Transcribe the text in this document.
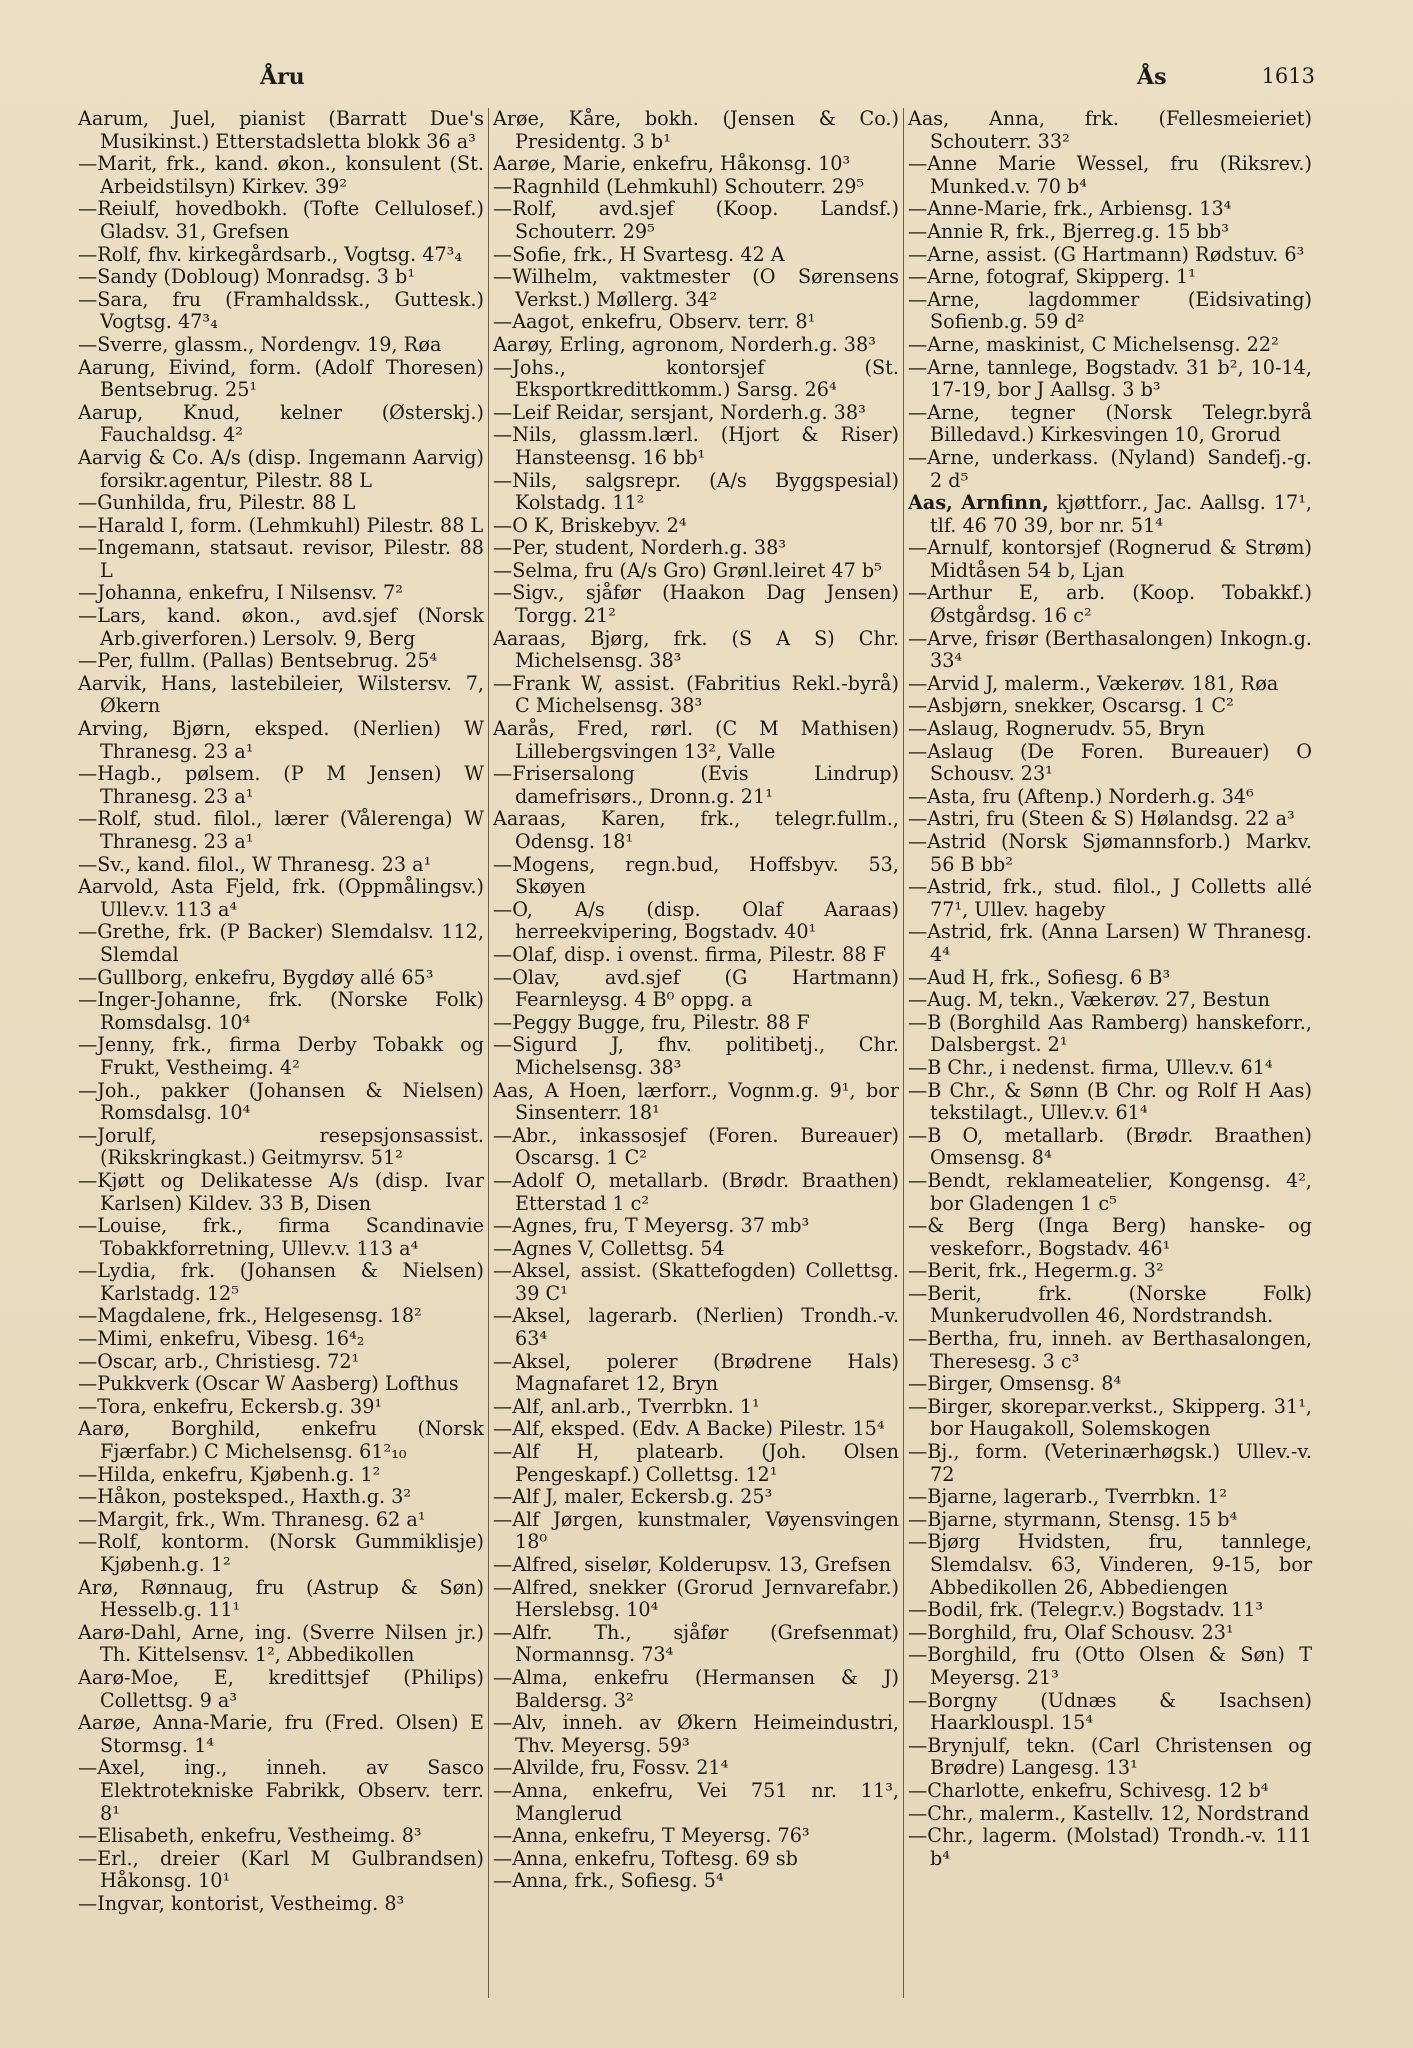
Åru	Ås	1613
Aarum, Juel, pianist (Barratt Due's Musikinst.) Etterstadsletta blokk 36 a³
—Marit, frk., kand. økon., konsulent (St. Arbeidstilsyn) Kirkev. 39²
—Reiulf, hovedbokh. (Tofte Cellulosef.) Gladsv. 31, Grefsen
—Rolf, fhv. kirkegårdsarb., Vogtsg. 47³₄
—Sandy (Dobloug) Monradsg. 3 b¹
—Sara, fru (Framhaldssk., Guttesk.) Vogtsg. 47³₄
—Sverre, glassm., Nordengv. 19, Røa
Aarung, Eivind, form. (Adolf Thoresen) Bentsebrug. 25¹
Aarup, Knud, kelner (Østerskj.) Fauchaldsg. 4²
Aarvig & Co. A/s (disp. Ingemann Aarvig) forsikr.agentur, Pilestr. 88 L
—Gunhilda, fru, Pilestr. 88 L
—Harald I, form. (Lehmkuhl) Pilestr. 88 L
—Ingemann, statsaut. revisor, Pilestr. 88 L
—Johanna, enkefru, I Nilsensv. 7²
—Lars, kand. økon., avd.sjef (Norsk Arb.giverforen.) Lersolv. 9, Berg
—Per, fullm. (Pallas) Bentsebrug. 25⁴
Aarvik, Hans, lastebileier, Wilstersv. 7, Økern
Arving, Bjørn, eksped. (Nerlien) W Thranesg. 23 a¹
—Hagb., pølsem. (P M Jensen) W Thranesg. 23 a¹
—Rolf, stud. filol., lærer (Vålerenga) W Thranesg. 23 a¹
—Sv., kand. filol., W Thranesg. 23 a¹
Aarvold, Asta Fjeld, frk. (Oppmålingsv.) Ullev.v. 113 a⁴
—Grethe, frk. (P Backer) Slemdalsv. 112, Slemdal
—Gullborg, enkefru, Bygdøy allé 65³
—Inger-Johanne, frk. (Norske Folk) Romsdalsg. 10⁴
—Jenny, frk., firma Derby Tobakk og Frukt, Vestheimg. 4²
—Joh., pakker (Johansen & Nielsen) Romsdalsg. 10⁴
—Jorulf, resepsjonsassist. (Rikskringkast.) Geitmyrsv. 51²
—Kjøtt og Delikatesse A/s (disp. Ivar Karlsen) Kildev. 33 B, Disen
—Louise, frk., firma Scandinavie Tobakkforretning, Ullev.v. 113 a⁴
—Lydia, frk. (Johansen & Nielsen) Karlstadg. 12⁵
—Magdalene, frk., Helgesensg. 18²
—Mimi, enkefru, Vibesg. 16⁴₂
—Oscar, arb., Christiesg. 72¹
—Pukkverk (Oscar W Aasberg) Lofthus
—Tora, enkefru, Eckersb.g. 39¹
Aarø, Borghild, enkefru (Norsk Fjærfabr.) C Michelsensg. 61²₁₀
—Hilda, enkefru, Kjøbenh.g. 1²
—Håkon, posteksped., Haxth.g. 3²
—Margit, frk., Wm. Thranesg. 62 a¹
—Rolf, kontorm. (Norsk Gummiklisje) Kjøbenh.g. 1²
Arø, Rønnaug, fru (Astrup & Søn) Hesselb.g. 11¹
Aarø-Dahl, Arne, ing. (Sverre Nilsen jr.) Th. Kittelsensv. 1², Abbedikollen
Aarø-Moe, E, kredittsjef (Philips) Collettsg. 9 a³
Aarøe, Anna-Marie, fru (Fred. Olsen) E Stormsg. 1⁴
—Axel, ing., inneh. av Sasco Elektrotekniske Fabrikk, Observ. terr. 8¹
—Elisabeth, enkefru, Vestheimg. 8³
—Erl., dreier (Karl M Gulbrandsen) Håkonsg. 10¹
—Ingvar, kontorist, Vestheimg. 8³
Arøe, Kåre, bokh. (Jensen & Co.) Presidentg. 3 b¹
Aarøe, Marie, enkefru, Håkonsg. 10³
—Ragnhild (Lehmkuhl) Schouterr. 29⁵
—Rolf, avd.sjef (Koop. Landsf.) Schouterr. 29⁵
—Sofie, frk., H Svartesg. 42 A
—Wilhelm, vaktmester (O Sørensens Verkst.) Møllerg. 34²
—Aagot, enkefru, Observ. terr. 8¹
Aarøy, Erling, agronom, Norderh.g. 38³
—Johs., kontorsjef (St. Eksportkredittkomm.) Sarsg. 26⁴
—Leif Reidar, sersjant, Norderh.g. 38³
—Nils, glassm.lærl. (Hjort & Riser) Hansteensg. 16 bb¹
—Nils, salgsrepr. (A/s Byggspesial) Kolstadg. 11²
—O K, Briskebyv. 2⁴
—Per, student, Norderh.g. 38³
—Selma, fru (A/s Gro) Grønl.leiret 47 b⁵
—Sigv., sjåfør (Haakon Dag Jensen) Torgg. 21²
Aaraas, Bjørg, frk. (S A S) Chr. Michelsensg. 38³
—Frank W, assist. (Fabritius Rekl.-byrå) C Michelsensg. 38³
Aarås, Fred, rørl. (C M Mathisen) Lillebergsvingen 13², Valle
—Frisersalong (Evis Lindrup) damefrisørs., Dronn.g. 21¹
Aaraas, Karen, frk., telegr.fullm., Odensg. 18¹
—Mogens, regn.bud, Hoffsbyv. 53, Skøyen
—O, A/s (disp. Olaf Aaraas) herreekvipering, Bogstadv. 40¹
—Olaf, disp. i ovenst. firma, Pilestr. 88 F
—Olav, avd.sjef (G Hartmann) Fearnleysg. 4 B⁰ oppg. a
—Peggy Bugge, fru, Pilestr. 88 F
—Sigurd J, fhv. politibetj., Chr. Michelsensg. 38³
Aas, A Hoen, lærforr., Vognm.g. 9¹, bor Sinsenterr. 18¹
—Abr., inkassosjef (Foren. Bureauer) Oscarsg. 1 C²
—Adolf O, metallarb. (Brødr. Braathen) Etterstad 1 c²
—Agnes, fru, T Meyersg. 37 mb³
—Agnes V, Collettsg. 54
—Aksel, assist. (Skattefogden) Collettsg. 39 C¹
—Aksel, lagerarb. (Nerlien) Trondh.-v. 63⁴
—Aksel, polerer (Brødrene Hals) Magnafaret 12, Bryn
—Alf, anl.arb., Tverrbkn. 1¹
—Alf, eksped. (Edv. A Backe) Pilestr. 15⁴
—Alf H, platearb. (Joh. Olsen Pengeskapf.) Collettsg. 12¹
—Alf J, maler, Eckersb.g. 25³
—Alf Jørgen, kunstmaler, Vøyensvingen 18⁰
—Alfred, siselør, Kolderupsv. 13, Grefsen
—Alfred, snekker (Grorud Jernvarefabr.) Herslebsg. 10⁴
—Alfr. Th., sjåfør (Grefsenmat) Normannsg. 73⁴
—Alma, enkefru (Hermansen & J) Baldersg. 3²
—Alv, inneh. av Økern Heimeindustri, Thv. Meyersg. 59³
—Alvilde, fru, Fossv. 21⁴
—Anna, enkefru, Vei 751 nr. 11³, Manglerud
—Anna, enkefru, T Meyersg. 76³
—Anna, enkefru, Toftesg. 69 sb
—Anna, frk., Sofiesg. 5⁴
Aas, Anna, frk. (Fellesmeieriet) Schouterr. 33²
—Anne Marie Wessel, fru (Riksrev.) Munked.v. 70 b⁴
—Anne-Marie, frk., Arbiensg. 13⁴
—Annie R, frk., Bjerreg.g. 15 bb³
—Arne, assist. (G Hartmann) Rødstuv. 6³
—Arne, fotograf, Skipperg. 1¹
—Arne, lagdommer (Eidsivating) Sofienb.g. 59 d²
—Arne, maskinist, C Michelsensg. 22²
—Arne, tannlege, Bogstadv. 31 b², 10-14, 17-19, bor J Aallsg. 3 b³
—Arne, tegner (Norsk Telegr.byrå Billedavd.) Kirkesvingen 10, Grorud
—Arne, underkass. (Nyland) Sandefj.-g. 2 d⁵
Aas, Arnfinn, kjøttforr., Jac. Aallsg. 17¹, tlf. 46 70 39, bor nr. 51⁴
—Arnulf, kontorsjef (Rognerud & Strøm) Midtåsen 54 b, Ljan
—Arthur E, arb. (Koop. Tobakkf.) Østgårdsg. 16 c²
—Arve, frisør (Berthasalongen) Inkogn.g. 33⁴
—Arvid J, malerm., Vækerøv. 181, Røa
—Asbjørn, snekker, Oscarsg. 1 C²
—Aslaug, Rognerudv. 55, Bryn
—Aslaug (De Foren. Bureauer) O Schousv. 23¹
—Asta, fru (Aftenp.) Norderh.g. 34⁶
—Astri, fru (Steen & S) Hølandsg. 22 a³
—Astrid (Norsk Sjømannsforb.) Markv. 56 B bb²
—Astrid, frk., stud. filol., J Colletts allé 77¹, Ullev. hageby
—Astrid, frk. (Anna Larsen) W Thranesg. 4⁴
—Aud H, frk., Sofiesg. 6 B³
—Aug. M, tekn., Vækerøv. 27, Bestun
—B (Borghild Aas Ramberg) hanskeforr., Dalsbergst. 2¹
—B Chr., i nedenst. firma, Ullev.v. 61⁴
—B Chr., & Sønn (B Chr. og Rolf H Aas) tekstilagt., Ullev.v. 61⁴
—B O, metallarb. (Brødr. Braathen) Omsensg. 8⁴
—Bendt, reklameatelier, Kongensg. 4², bor Gladengen 1 c⁵
—& Berg (Inga Berg) hanske- og veskeforr., Bogstadv. 46¹
—Berit, frk., Hegerm.g. 3²
—Berit, frk. (Norske Folk) Munkerudvollen 46, Nordstrandsh.
—Bertha, fru, inneh. av Berthasalongen, Theresesg. 3 c³
—Birger, Omsensg. 8⁴
—Birger, skorepar.verkst., Skipperg. 31¹, bor Haugakoll, Solemskogen
—Bj., form. (Veterinærhøgsk.) Ullev.-v. 72
—Bjarne, lagerarb., Tverrbkn. 1²
—Bjarne, styrmann, Stensg. 15 b⁴
—Bjørg Hvidsten, fru, tannlege, Slemdalsv. 63, Vinderen, 9-15, bor Abbedikollen 26, Abbediengen
—Bodil, frk. (Telegr.v.) Bogstadv. 11³
—Borghild, fru, Olaf Schousv. 23¹
—Borghild, fru (Otto Olsen & Søn) T Meyersg. 21³
—Borgny (Udnæs & Isachsen) Haarklouspl. 15⁴
—Brynjulf, tekn. (Carl Christensen og Brødre) Langesg. 13¹
—Charlotte, enkefru, Schivesg. 12 b⁴
—Chr., malerm., Kastellv. 12, Nordstrand
—Chr., lagerm. (Molstad) Trondh.-v. 111 b⁴
